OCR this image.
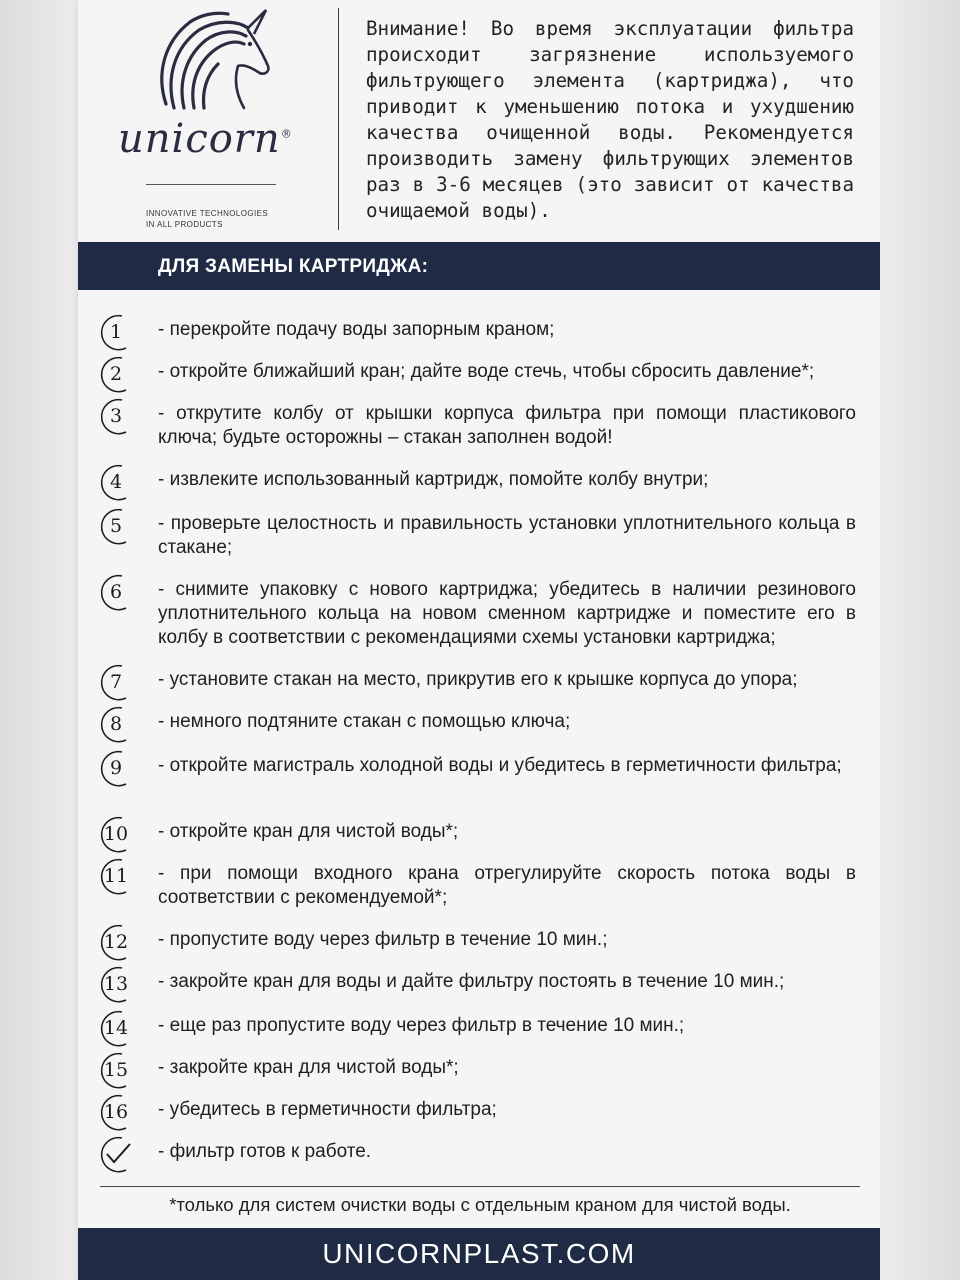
unicorn®
INNOVATIVE TECHNOLOGIES
IN ALL PRODUCTS
Внимание! Во время эксплуатации фильтра происходит загрязнение используемого фильтрующего элемента (картриджа), что приводит к уменьшению потока и ухудшению качества очищенной воды. Рекомендуется производить замену фильтрующих элементов раз в 3-6 месяцев (это зависит от качества очищаемой воды).
ДЛЯ ЗАМЕНЫ КАРТРИДЖА:
1	- перекройте подачу воды запорным краном;
2	- откройте ближайший кран; дайте воде стечь, чтобы сбросить давление*;
3	- открутите колбу от крышки корпуса фильтра при помощи пластикового ключа; будьте осторожны – стакан заполнен водой!
4	- извлеките использованный картридж, помойте колбу внутри;
5	- проверьте целостность и правильность установки уплотнительного кольца в стакане;
6	- снимите упаковку с нового картриджа; убедитесь в наличии резинового уплотнительного кольца на новом сменном картридже и поместите его в колбу в соответствии с рекомендациями схемы установки картриджа;
7	- установите стакан на место, прикрутив его к крышке корпуса до упора;
8	- немного подтяните стакан с помощью ключа;
9	- откройте магистраль холодной воды и убедитесь в герметичности фильтра;
10	- откройте кран для чистой воды*;
11	- при помощи входного крана отрегулируйте скорость потока воды в соответствии с рекомендуемой*;
12	- пропустите воду через фильтр в течение 10 мин.;
13	- закройте кран для воды и дайте фильтру постоять в течение 10 мин.;
14	- еще раз пропустите воду через фильтр в течение 10 мин.;
15	- закройте кран для чистой воды*;
16	- убедитесь в герметичности фильтра;
- фильтр готов к работе.
*только для систем очистки воды с отдельным краном для чистой воды.
UNICORNPLAST.COM
